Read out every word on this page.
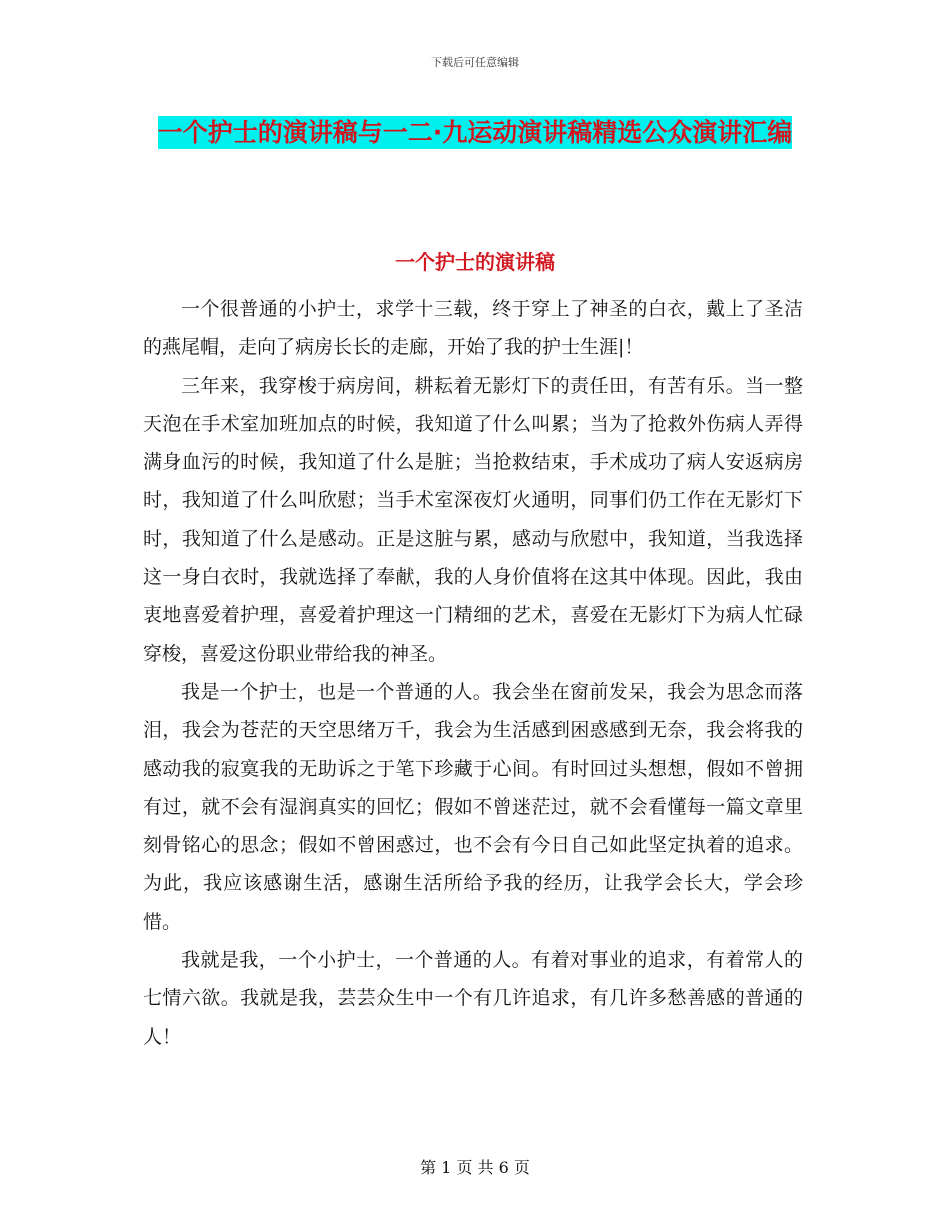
下载后可任意编辑
一个护士的演讲稿与一二·九运动演讲稿精选公众演讲汇编
一个护士的演讲稿

一个很普通的小护士，求学十三载，终于穿上了神圣的白衣，戴上了圣洁的燕尾帽，走向了病房长长的走廊，开始了我的护士生涯|！

三年来，我穿梭于病房间，耕耘着无影灯下的责任田，有苦有乐。当一整天泡在手术室加班加点的时候，我知道了什么叫累；当为了抢救外伤病人弄得满身血污的时候，我知道了什么是脏；当抢救结束，手术成功了病人安返病房时，我知道了什么叫欣慰；当手术室深夜灯火通明，同事们仍工作在无影灯下时，我知道了什么是感动。正是这脏与累，感动与欣慰中，我知道，当我选择这一身白衣时，我就选择了奉献，我的人身价值将在这其中体现。因此，我由衷地喜爱着护理，喜爱着护理这一门精细的艺术，喜爱在无影灯下为病人忙碌穿梭，喜爱这份职业带给我的神圣。

我是一个护士，也是一个普通的人。我会坐在窗前发呆，我会为思念而落泪，我会为苍茫的天空思绪万千，我会为生活感到困惑感到无奈，我会将我的感动我的寂寞我的无助诉之于笔下珍藏于心间。有时回过头想想，假如不曾拥有过，就不会有湿润真实的回忆；假如不曾迷茫过，就不会看懂每一篇文章里刻骨铭心的思念；假如不曾困惑过，也不会有今日自己如此坚定执着的追求。为此，我应该感谢生活，感谢生活所给予我的经历，让我学会长大，学会珍惜。

我就是我，一个小护士，一个普通的人。有着对事业的追求，有着常人的七情六欲。我就是我，芸芸众生中一个有几许追求，有几许多愁善感的普通的人！

第 1 页 共 6 页
